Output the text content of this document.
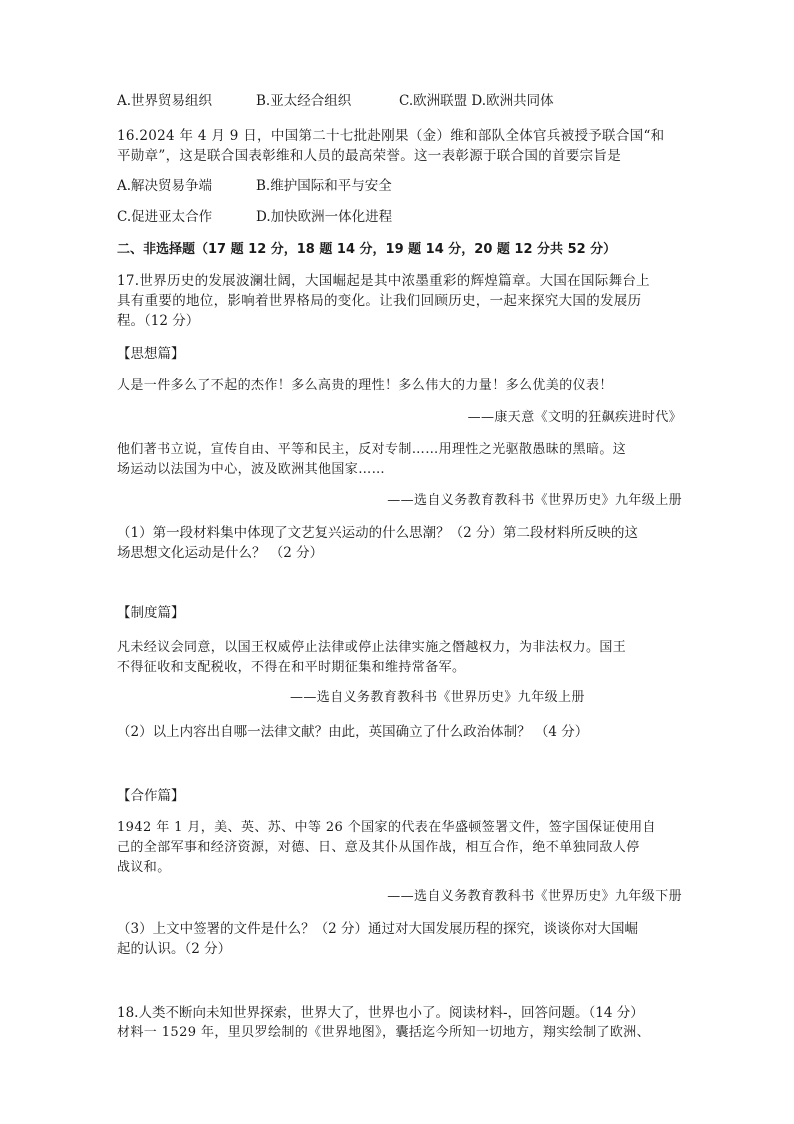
A.世界贸易组织	B.亚太经合组织	C.欧洲联盟 D.欧洲共同体
16.2024 年 4 月 9 日，中国第二十七批赴刚果（金）维和部队全体官兵被授予联合国“和
平勋章”，这是联合国表彰维和人员的最高荣誉。这一表彰源于联合国的首要宗旨是
A.解决贸易争端	B.维护国际和平与安全
C.促进亚太合作	D.加快欧洲一体化进程
二、非选择题（17 题 12 分，18 题 14 分，19 题 14 分，20 题 12 分共 52 分）
17.世界历史的发展波澜壮阔，大国崛起是其中浓墨重彩的辉煌篇章。大国在国际舞台上
具有重要的地位，影响着世界格局的变化。让我们回顾历史，一起来探究大国的发展历
程。（12 分）
【思想篇】
人是一件多么了不起的杰作！多么高贵的理性！多么伟大的力量！多么优美的仪表！
——康天意《文明的狂飙疾进时代》
他们著书立说，宣传自由、平等和民主，反对专制……用理性之光驱散愚昧的黑暗。这
场运动以法国为中心，波及欧洲其他国家……
——选自义务教育教科书《世界历史》九年级上册
（1）第一段材料集中体现了文艺复兴运动的什么思潮？（2 分）第二段材料所反映的这
场思想文化运动是什么？ （2 分）
【制度篇】
凡未经议会同意，以国王权威停止法律或停止法律实施之僭越权力，为非法权力。国王
不得征收和支配税收，不得在和平时期征集和维持常备军。
——选自义务教育教科书《世界历史》九年级上册
（2）以上内容出自哪一法律文献？由此，英国确立了什么政治体制？ （4 分）
【合作篇】
1942 年 1 月，美、英、苏、中等 26 个国家的代表在华盛顿签署文件，签字国保证使用自
己的全部军事和经济资源，对德、日、意及其仆从国作战，相互合作，绝不单独同敌人停
战议和。
——选自义务教育教科书《世界历史》九年级下册
（3）上文中签署的文件是什么？（2 分）通过对大国发展历程的探究，谈谈你对大国崛
起的认识。（2 分）
18.人类不断向未知世界探索，世界大了，世界也小了。阅读材料-，回答问题。（14 分）
材料一 1529 年，里贝罗绘制的《世界地图》，囊括迄今所知一切地方，翔实绘制了欧洲、
